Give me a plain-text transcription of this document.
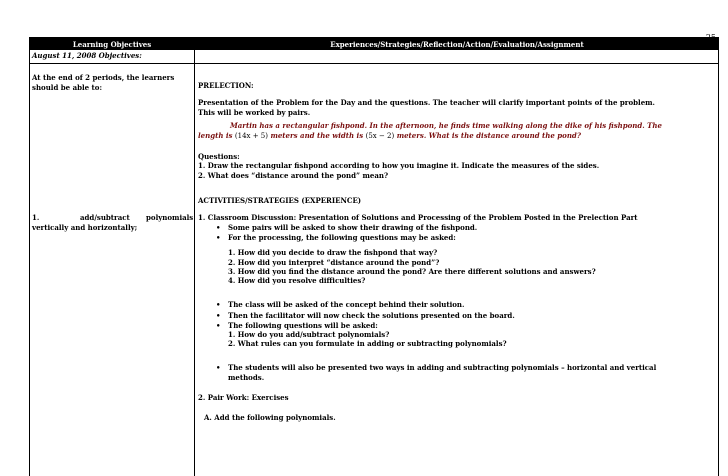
Learning Objectives	Experiences/Strategies/Reflection/Action/Evaluation/Assignment
August 11, 2008 Objectives:
At the end of 2 periods, the learners
should be able to:
1.	add/subtract polynomials
vertically and horizontally;
PRELECTION:
Presentation of the Problem for the Day and the questions. The teacher will clarify important points of the problem.
This will be worked by pairs.
Martin has a rectangular fishpond. In the afternoon, he finds time walking along the dike of his fishpond. The
length is (14x + 5) meters and the width is (5x − 2) meters. What is the distance around the pond?
Questions:
1. Draw the rectangular fishpond according to how you imagine it. Indicate the measures of the sides.
2. What does “distance around the pond” mean?
ACTIVITIES/STRATEGIES (EXPERIENCE)
1. Classroom Discussion: Presentation of Solutions and Processing of the Problem Posted in the Prelection Part
• Some pairs will be asked to show their drawing of the fishpond.
• For the processing, the following questions may be asked:
1. How did you decide to draw the fishpond that way?
2. How did you interpret “distance around the pond”?
3. How did you find the distance around the pond? Are there different solutions and answers?
4. How did you resolve difficulties?
• The class will be asked of the concept behind their solution.
• Then the facilitator will now check the solutions presented on the board.
• The following questions will be asked:
1. How do you add/subtract polynomials?
2. What rules can you formulate in adding or subtracting polynomials?
• The students will also be presented two ways in adding and subtracting polynomials – horizontal and vertical
methods.
2. Pair Work: Exercises
A. Add the following polynomials.
